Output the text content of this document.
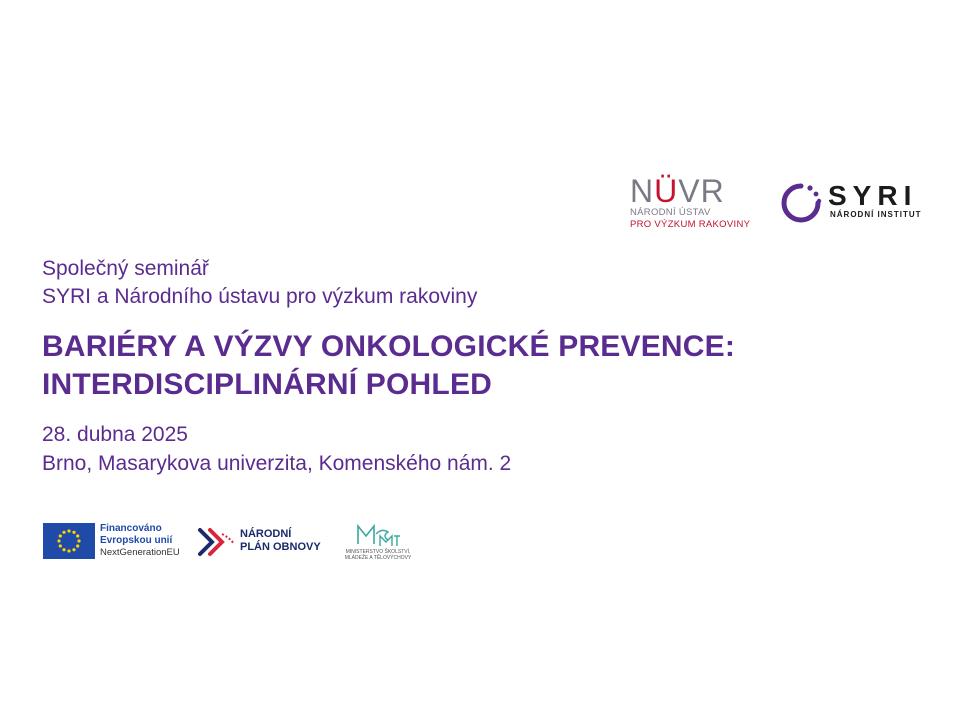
NÜVR
NÁRODNÍ ÚSTAV
PRO VÝZKUM RAKOVINY
SYRI
NÁRODNÍ INSTITUT
Společný seminář
SYRI a Národního ústavu pro výzkum rakoviny
BARIÉRY A VÝZVY ONKOLOGICKÉ PREVENCE:
INTERDISCIPLINÁRNÍ POHLED
28. dubna 2025
Brno, Masarykova univerzita, Komenského nám. 2
Financováno
Evropskou unií
NextGenerationEU
NÁRODNÍ
PLÁN OBNOVY	MINISTERSTVO ŠKOLSTVÍ,
MLÁDEŽE A TĚLOVÝCHOVY
